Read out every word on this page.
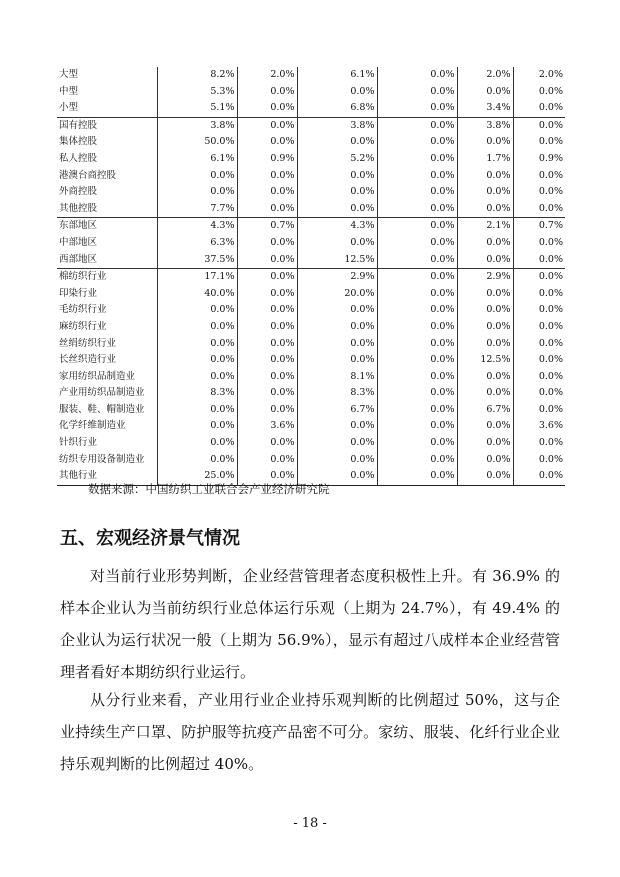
大型	8.2%	2.0%	6.1%	0.0%	2.0%	2.0%
中型	5.3%	0.0%	0.0%	0.0%	0.0%	0.0%
小型	5.1%	0.0%	6.8%	0.0%	3.4%	0.0%
国有控股	3.8%	0.0%	3.8%	0.0%	3.8%	0.0%
集体控股	50.0%	0.0%	0.0%	0.0%	0.0%	0.0%
私人控股	6.1%	0.9%	5.2%	0.0%	1.7%	0.9%
港澳台商控股	0.0%	0.0%	0.0%	0.0%	0.0%	0.0%
外商控股	0.0%	0.0%	0.0%	0.0%	0.0%	0.0%
其他控股	7.7%	0.0%	0.0%	0.0%	0.0%	0.0%
东部地区	4.3%	0.7%	4.3%	0.0%	2.1%	0.7%
中部地区	6.3%	0.0%	0.0%	0.0%	0.0%	0.0%
西部地区	37.5%	0.0%	12.5%	0.0%	0.0%	0.0%
棉纺织行业	17.1%	0.0%	2.9%	0.0%	2.9%	0.0%
印染行业	40.0%	0.0%	20.0%	0.0%	0.0%	0.0%
毛纺织行业	0.0%	0.0%	0.0%	0.0%	0.0%	0.0%
麻纺织行业	0.0%	0.0%	0.0%	0.0%	0.0%	0.0%
丝绢纺织行业	0.0%	0.0%	0.0%	0.0%	0.0%	0.0%
长丝织造行业	0.0%	0.0%	0.0%	0.0%	12.5%	0.0%
家用纺织品制造业	0.0%	0.0%	8.1%	0.0%	0.0%	0.0%
产业用纺织品制造业	8.3%	0.0%	8.3%	0.0%	0.0%	0.0%
服装、鞋、帽制造业	0.0%	0.0%	6.7%	0.0%	6.7%	0.0%
化学纤维制造业	0.0%	3.6%	0.0%	0.0%	0.0%	3.6%
针织行业	0.0%	0.0%	0.0%	0.0%	0.0%	0.0%
纺织专用设备制造业	0.0%	0.0%	0.0%	0.0%	0.0%	0.0%
其他行业	25.0%	0.0%	0.0%	0.0%	0.0%	0.0%
数据来源：中国纺织工业联合会产业经济研究院
五、宏观经济景气情况

对当前行业形势判断，企业经营管理者态度积极性上升。有 36.9% 的样本企业认为当前纺织行业总体运行乐观（上期为 24.7%），有 49.4% 的企业认为运行状况一般（上期为 56.9%），显示有超过八成样本企业经营管理者看好本期纺织行业运行。

从分行业来看，产业用行业企业持乐观判断的比例超过 50%，这与企业持续生产口罩、防护服等抗疫产品密不可分。家纺、服装、化纤行业企业持乐观判断的比例超过 40%。

- 18 -
